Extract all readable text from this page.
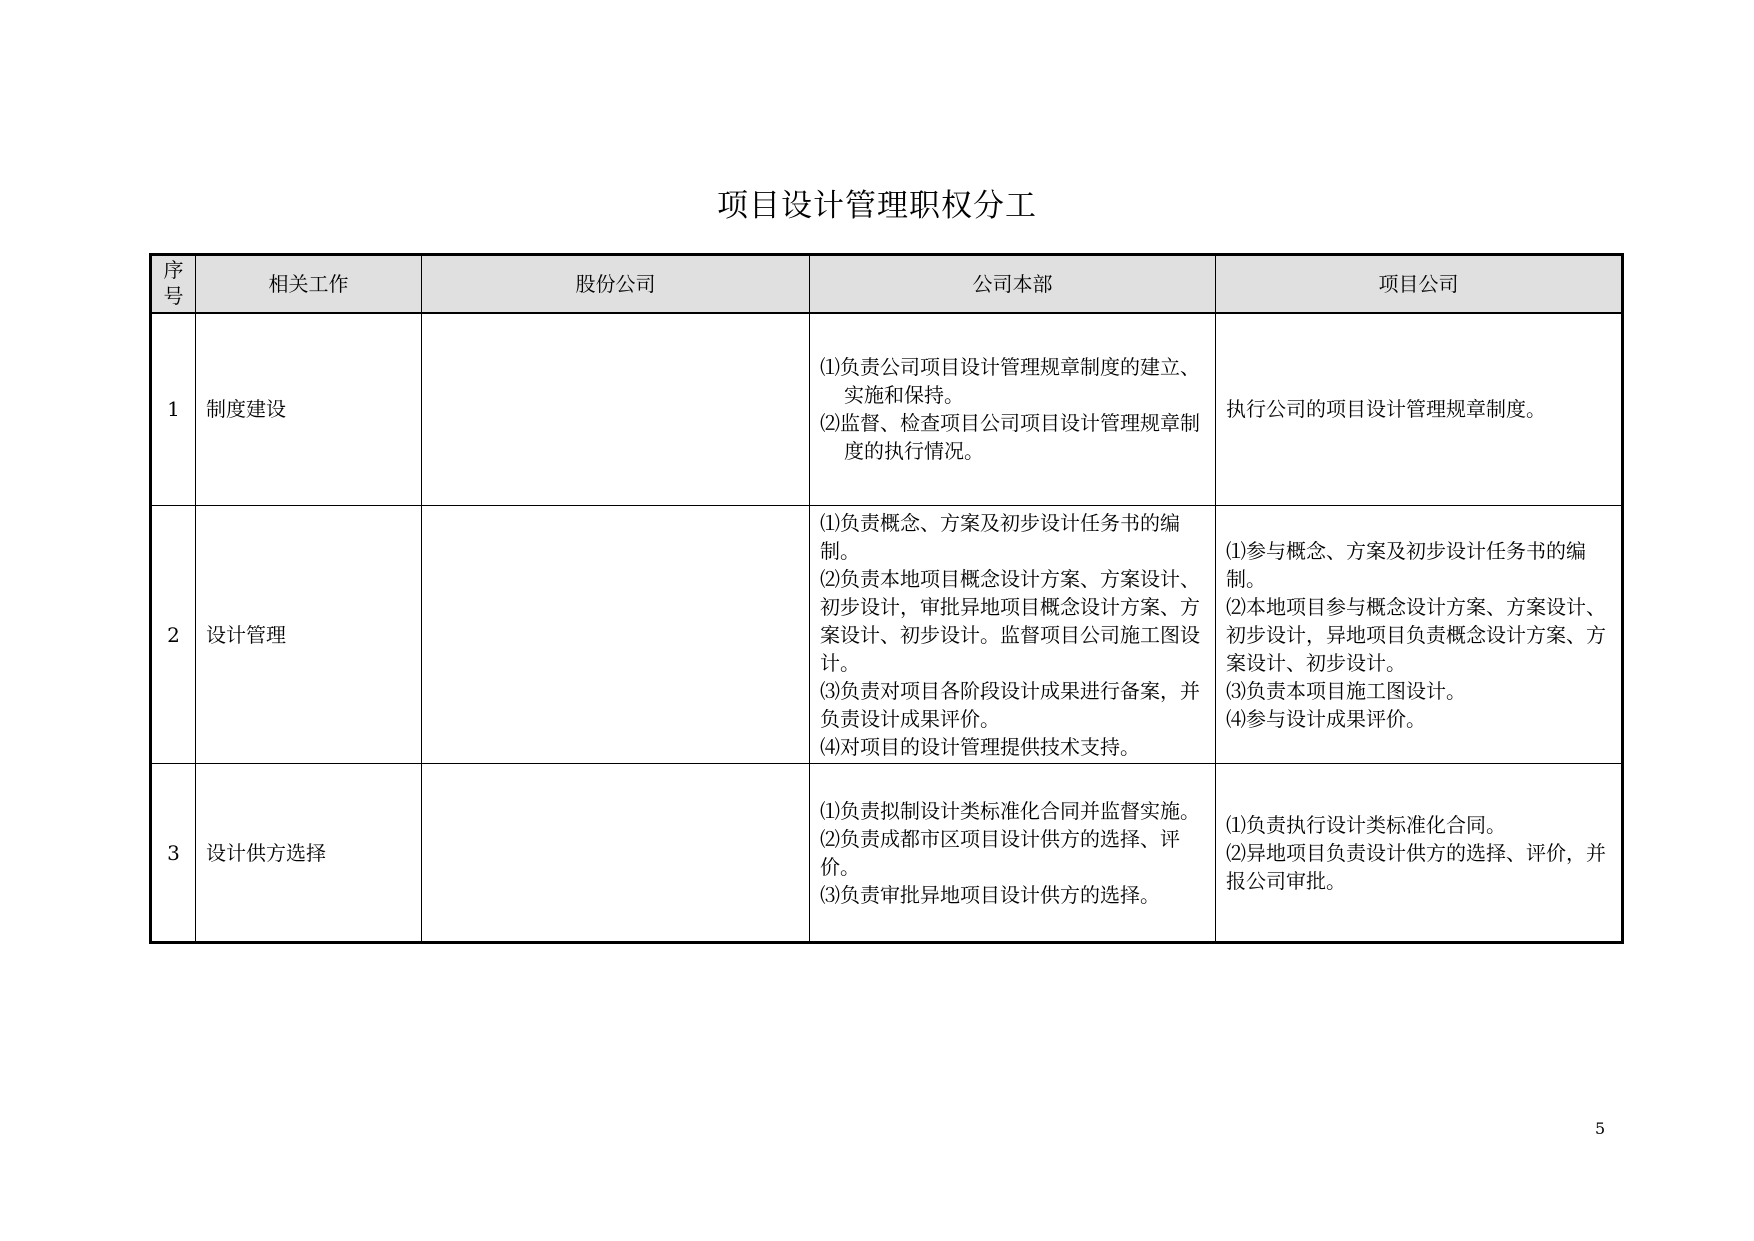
项目设计管理职权分工
序号	相关工作	股份公司	公司本部	项目公司
1	制度建设		⑴负责公司项目设计管理规章制度的建立、实施和保持。
⑵监督、检查项目公司项目设计管理规章制度的执行情况。	执行公司的项目设计管理规章制度。

2	设计管理		⑴负责概念、方案及初步设计任务书的编制。
⑵负责本地项目概念设计方案、方案设计、初步设计，审批异地项目概念设计方案、方案设计、初步设计。监督项目公司施工图设计。
⑶负责对项目各阶段设计成果进行备案，并负责设计成果评价。
⑷对项目的设计管理提供技术支持。	⑴参与概念、方案及初步设计任务书的编制。
⑵本地项目参与概念设计方案、方案设计、初步设计，异地项目负责概念设计方案、方案设计、初步设计。
⑶负责本项目施工图设计。
⑷参与设计成果评价。

3	设计供方选择		⑴负责拟制设计类标准化合同并监督实施。
⑵负责成都市区项目设计供方的选择、评价。
⑶负责审批异地项目设计供方的选择。	⑴负责执行设计类标准化合同。
⑵异地项目负责设计供方的选择、评价，并报公司审批。
5
